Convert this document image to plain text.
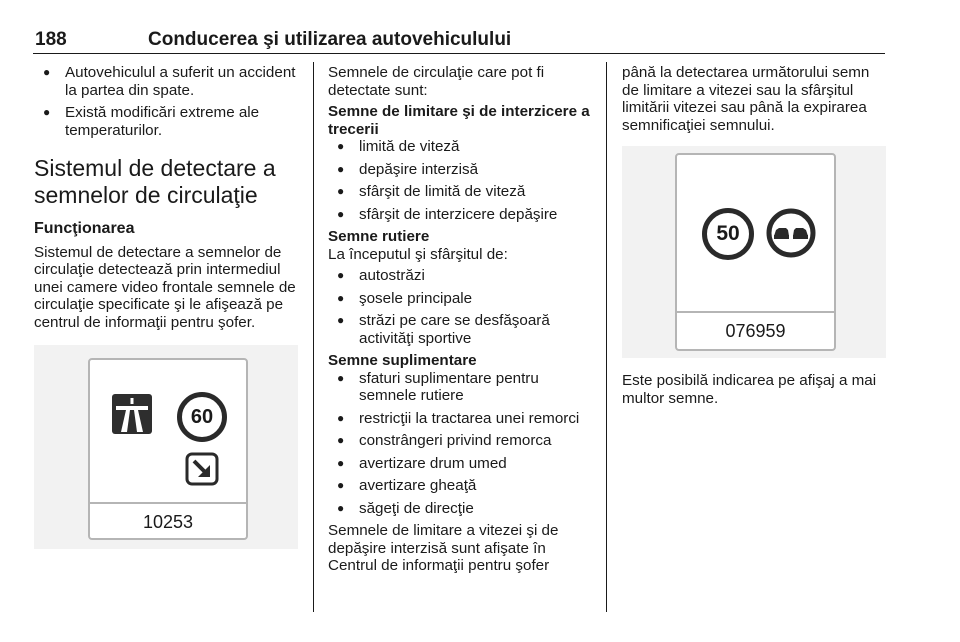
188	Conducerea şi utilizarea autovehiculului
● Autovehiculul a suferit un accident la partea din spate.
● Există modificări extreme ale temperaturilor.
Sistemul de detectare a semnelor de circulaţie
Funcţionarea

Sistemul de detectare a semnelor de circulaţie detectează prin intermediul unei camere video frontale semnele de circulaţie specificate şi le afişează pe centrul de informaţii pentru şofer.

60
10253

Semnele de circulaţie care pot fi detectate sunt:

Semne de limitare şi de interzicere a trecerii
● limită de viteză
● depăşire interzisă
● sfârşit de limită de viteză
● sfârşit de interzicere depăşire
Semne rutiere

La începutul şi sfârşitul de:

● autostrăzi
● şosele principale
● străzi pe care se desfăşoară activităţi sportive
Semne suplimentare
● sfaturi suplimentare pentru semnele rutiere
● restricţii la tractarea unei remorci
● constrângeri privind remorca
● avertizare drum umed
● avertizare gheaţă
● săgeţi de direcţie

Semnele de limitare a vitezei şi de depăşire interzisă sunt afişate în Centrul de informaţii pentru şofer

până la detectarea următorului semn de limitare a vitezei sau la sfârşitul limitării vitezei sau până la expirarea semnificaţiei semnului.

50
076959

Este posibilă indicarea pe afişaj a mai multor semne.
